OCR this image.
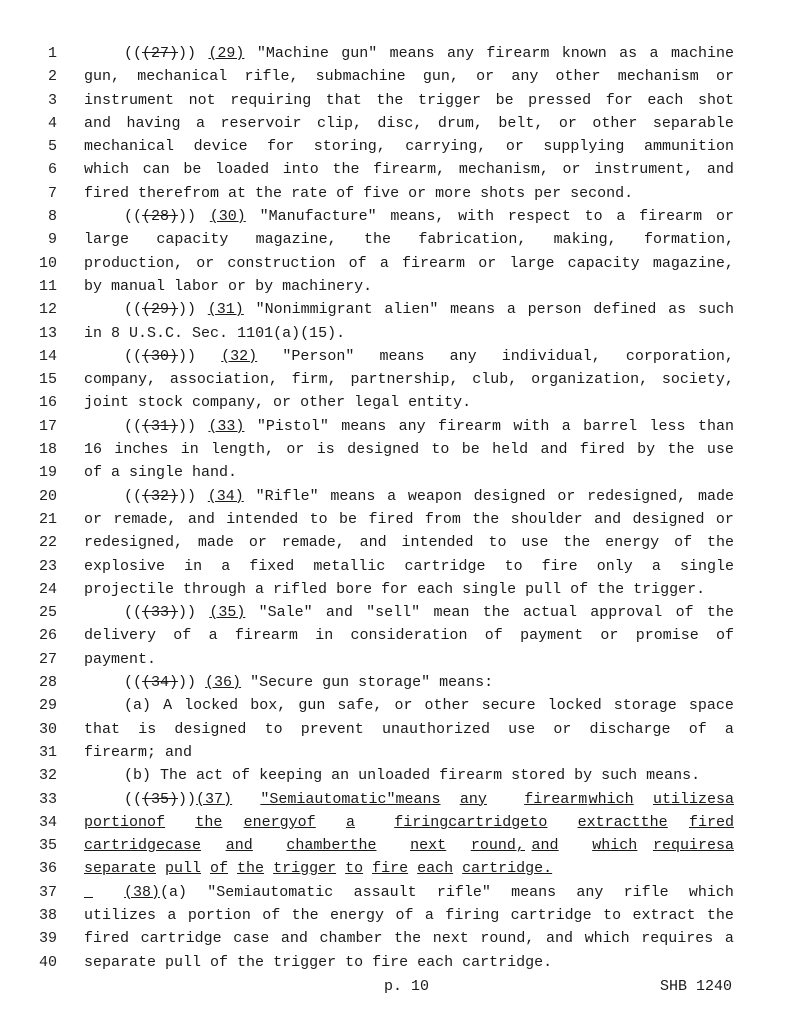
1
	(((27))) (29) "Machine gun" means any firearm known as a machine
2 gun, mechanical rifle, submachine gun, or any other mechanism or
3 instrument not requiring that the trigger be pressed for each shot
4 and having a reservoir clip, disc, drum, belt, or other separable
5 mechanical device for storing, carrying, or supplying ammunition
6 which can be loaded into the firearm, mechanism, or instrument, and
7 fired therefrom at the rate of five or more shots per second.
8
	(((28))) (30) "Manufacture" means, with respect to a firearm or
9 large capacity magazine, the fabrication, making, formation,
10 production, or construction of a firearm or large capacity magazine,
11 by manual labor or by machinery.
12
	(((29))) (31) "Nonimmigrant alien" means a person defined as such
13 in 8 U.S.C. Sec. 1101(a)(15).
14
	(((30))) (32) "Person" means any individual, corporation,
15 company, association, firm, partnership, club, organization, society,
16 joint stock company, or other legal entity.
17
	(((31))) (33) "Pistol" means any firearm with a barrel less than
18 16 inches in length, or is designed to be held and fired by the use
19 of a single hand.
20
	(((32))) (34) "Rifle" means a weapon designed or redesigned, made
21 or remade, and intended to be fired from the shoulder and designed or
22 redesigned, made or remade, and intended to use the energy of the
23 explosive in a fixed metallic cartridge to fire only a single
24 projectile through a rifled bore for each single pull of the trigger.
25
	(((33))) (35) "Sale" and "sell" mean the actual approval of the
26 delivery of a firearm in consideration of payment or promise of
27 payment.
28
	(((34))) (36) "Secure gun storage" means:
29
	(a) A locked box, gun safe, or other secure locked storage space
30 that is designed to prevent unauthorized use or discharge of a
31 firearm; and
32
	(b) The act of keeping an unloaded firearm stored by such means.
33
	(((35))) (37)	"Semiautomatic" means	any	firearm which	utilizes a
34 portion of	the	energy of	a	firing cartridge to	extract the	fired
35 cartridge case	and	chamber the	next	round, and	which	requires a
36 separate pull of the trigger to fire each cartridge.
37
	(38)(a) "Semiautomatic assault rifle" means any rifle which
38 utilizes a portion of the energy of a firing cartridge to extract the
39 fired cartridge case and chamber the next round, and which requires a
40 separate pull of the trigger to fire each cartridge.
p. 10	SHB 1240
